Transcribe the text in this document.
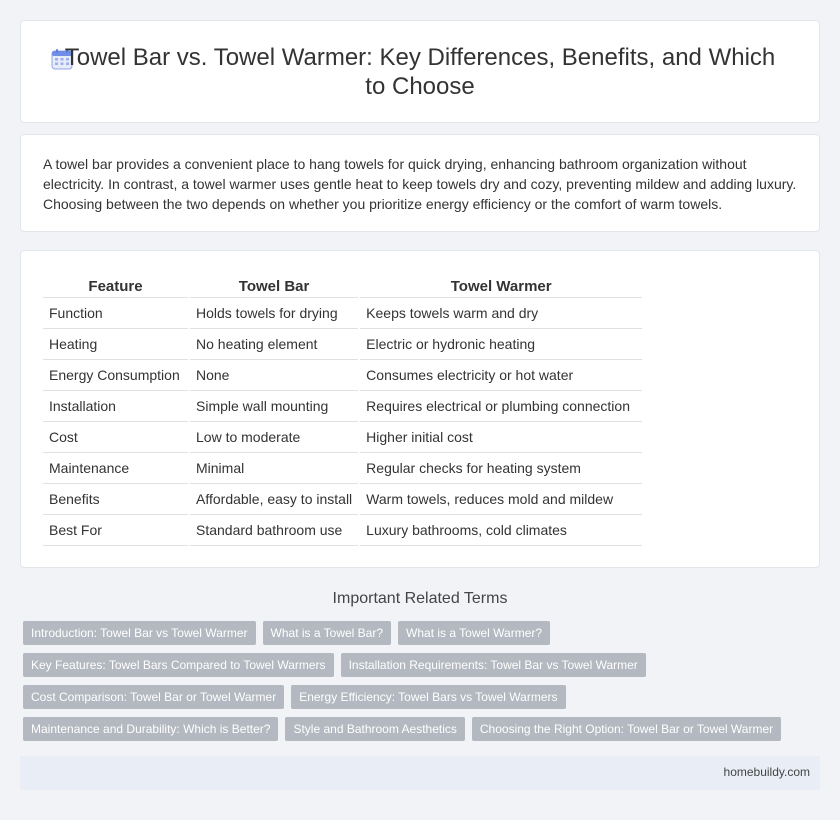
Towel Bar vs. Towel Warmer: Key Differences, Benefits, and Which to Choose

A towel bar provides a convenient place to hang towels for quick drying, enhancing bathroom organization without electricity. In contrast, a towel warmer uses gentle heat to keep towels dry and cozy, preventing mildew and adding luxury. Choosing between the two depends on whether you prioritize energy efficiency or the comfort of warm towels.

Feature		Towel Bar		Towel Warmer
Function		Holds towels for drying		Keeps towels warm and dry
Heating		No heating element		Electric or hydronic heating
Energy Consumption		None		Consumes electricity or hot water
Installation		Simple wall mounting		Requires electrical or plumbing connection
Cost		Low to moderate		Higher initial cost
Maintenance		Minimal		Regular checks for heating system
Benefits		Affordable, easy to install		Warm towels, reduces mold and mildew
Best For		Standard bathroom use		Luxury bathrooms, cold climates
Important Related Terms
Introduction: Towel Bar vs Towel Warmer	What is a Towel Bar?	What is a Towel Warmer?
Key Features: Towel Bars Compared to Towel Warmers	Installation Requirements: Towel Bar vs Towel Warmer
Cost Comparison: Towel Bar or Towel Warmer	Energy Efficiency: Towel Bars vs Towel Warmers
Maintenance and Durability: Which is Better?	Style and Bathroom Aesthetics	Choosing the Right Option: Towel Bar or Towel Warmer
homebuildy.com
